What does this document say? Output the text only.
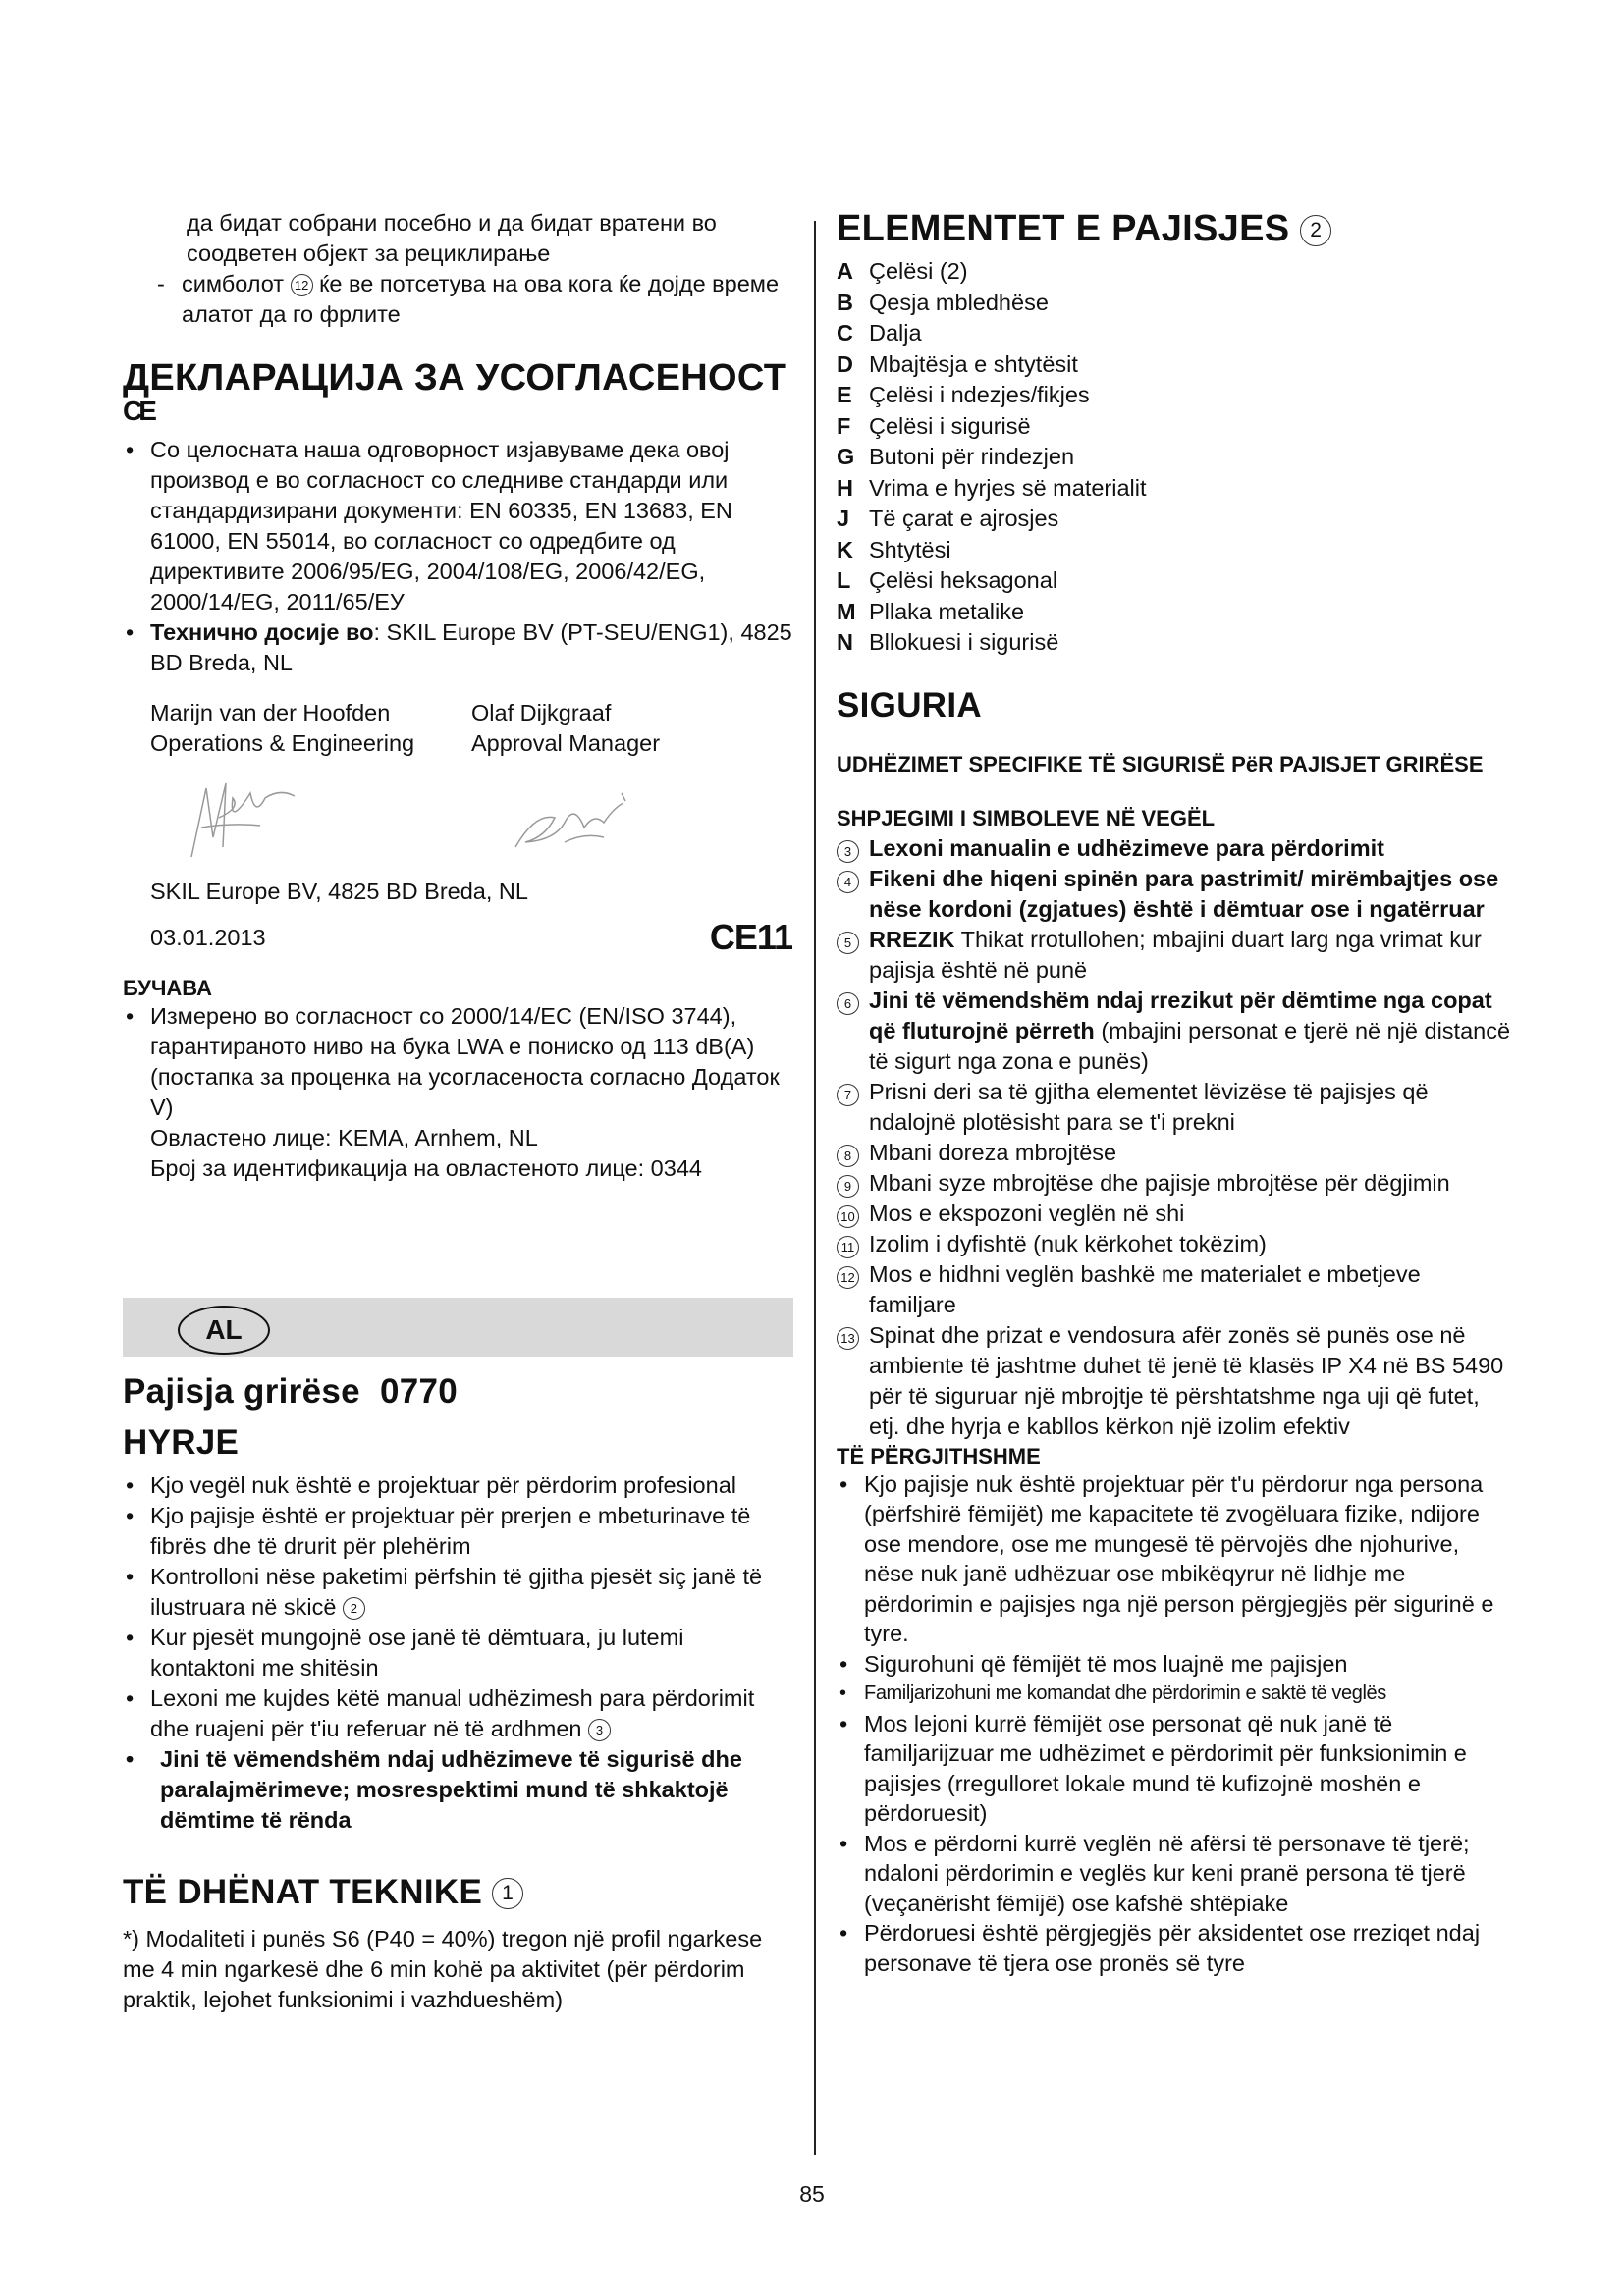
да бидат собрани посебно и да бидат вратени во соодветен објект за рециклирање
- симболот 12 ќе ве потсетува на ова кога ќе дојде време алатот да го фрлите
ДЕКЛАРАЦИЈА ЗА УСОГЛАСЕНОСТ
CE
• Со целосната наша одговорност изјавуваме дека овој производ е во согласност со следниве стандарди или стандардизирани документи: EN 60335, EN 13683, EN 61000, EN 55014, во согласност со одредбите од директивите 2006/95/EG, 2004/108/EG, 2006/42/EG, 2000/14/EG, 2011/65/ЕУ
• Технично досије во: SKIL Europe BV (PT-SEU/ENG1), 4825 BD Breda, NL
Marijn van der Hoofden
Operations & Engineering
Olaf Dijkgraaf
Approval Manager
SKIL Europe BV, 4825 BD Breda, NL
03.01.2013	CE11
БУЧАВА
• Измерено во согласност со 2000/14/EC (EN/ISO 3744), гарантираното ниво на бука LWA е пониско од 113 dB(A) (постапка за проценка на усогласеноста согласно Додаток V)
Овластено лице: KEMA, Arnhem, NL
Број за идентификација на овластеното лице: 0344
AL
Pajisja grirëse 0770
HYRJE
• Kjo vegël nuk është e projektuar për përdorim profesional
• Kjo pajisje është er projektuar për prerjen e mbeturinave të fibrës dhe të drurit për plehërim
• Kontrolloni nëse paketimi përfshin të gjitha pjesët siç janë të ilustruara në skicë 2
• Kur pjesët mungojnë ose janë të dëmtuara, ju lutemi kontaktoni me shitësin
• Lexoni me kujdes këtë manual udhëzimesh para përdorimit dhe ruajeni për t'iu referuar në të ardhmen 3
• Jini të vëmendshëm ndaj udhëzimeve të sigurisë dhe paralajmërimeve; mosrespektimi mund të shkaktojë dëmtime të rënda
TË DHËNAT TEKNIKE 1
*) Modaliteti i punës S6 (P40 = 40%) tregon një profil ngarkese me 4 min ngarkesë dhe 6 min kohë pa aktivitet (për përdorim praktik, lejohet funksionimi i vazhdueshëm)
ELEMENTET E PAJISJES 2
A Çelësi (2)
B Qesja mbledhëse
C Dalja
D Mbajtësja e shtytësit
E Çelësi i ndezjes/fikjes
F Çelësi i sigurisë
G Butoni për rindezjen
H Vrima e hyrjes së materialit
J Të çarat e ajrosjes
K Shtytësi
L Çelësi heksagonal
M Pllaka metalike
N Bllokuesi i sigurisë
SIGURIA
UDHËZIMET SPECIFIKE TË SIGURISË PëR PAJISJET GRIRËSE
SHPJEGIMI I SIMBOLEVE NË VEGËL
3 Lexoni manualin e udhëzimeve para përdorimit
4 Fikeni dhe hiqeni spinën para pastrimit/ mirëmbajtjes ose nëse kordoni (zgjatues) është i dëmtuar ose i ngatërruar
5 RREZIK Thikat rrotullohen; mbajini duart larg nga vrimat kur pajisja është në punë
6 Jini të vëmendshëm ndaj rrezikut për dëmtime nga copat që fluturojnë përreth (mbajini personat e tjerë në një distancë të sigurt nga zona e punës)
7 Prisni deri sa të gjitha elementet lëvizëse të pajisjes që ndalojnë plotësisht para se t'i prekni
8 Mbani doreza mbrojtëse
9 Mbani syze mbrojtëse dhe pajisje mbrojtëse për dëgjimin
10 Mos e ekspozoni veglën në shi
11 Izolim i dyfishtë (nuk kërkohet tokëzim)
12 Mos e hidhni veglën bashkë me materialet e mbetjeve familjare
13 Spinat dhe prizat e vendosura afër zonës së punës ose në ambiente të jashtme duhet të jenë të klasës IP X4 në BS 5490 për të siguruar një mbrojtje të përshtatshme nga uji që futet, etj. dhe hyrja e kabllos kërkon një izolim efektiv
TË PËRGJITHSHME
• Kjo pajisje nuk është projektuar për t'u përdorur nga persona (përfshirë fëmijët) me kapacitete të zvogëluara fizike, ndijore ose mendore, ose me mungesë të përvojës dhe njohurive, nëse nuk janë udhëzuar ose mbikëqyrur në lidhje me përdorimin e pajisjes nga një person përgjegjës për sigurinë e tyre.
• Sigurohuni që fëmijët të mos luajnë me pajisjen
• Familjarizohuni me komandat dhe përdorimin e saktë të veglës
• Mos lejoni kurrë fëmijët ose personat që nuk janë të familjarijzuar me udhëzimet e përdorimit për funksionimin e pajisjes (rregulloret lokale mund të kufizojnë moshën e përdoruesit)
• Mos e përdorni kurrë veglën në afërsi të personave të tjerë; ndaloni përdorimin e veglës kur keni pranë persona të tjerë (veçanërisht fëmijë) ose kafshë shtëpiake
• Përdoruesi është përgjegjës për aksidentet ose rreziqet ndaj personave të tjera ose pronës së tyre
85
